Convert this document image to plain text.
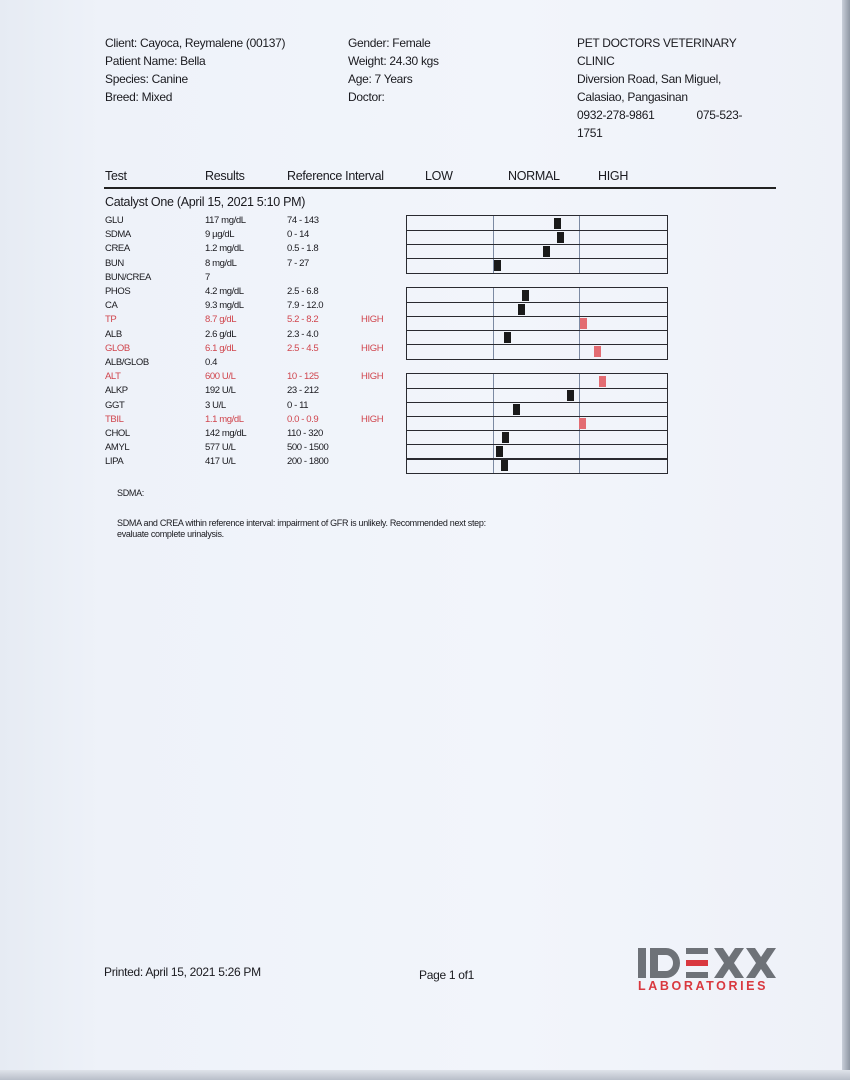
Client: Cayoca, Reymalene (00137)
Patient Name: Bella
Species: Canine
Breed: Mixed
Gender: Female
Weight: 24.30 kgs
Age: 7 Years
Doctor:
PET DOCTORS VETERINARY
CLINIC
Diversion Road, San Miguel,
Calasiao, Pangasinan
0932-278-9861	075-523-
1751
Test	Results	Reference Interval	LOW	NORMAL	HIGH
Catalyst One (April 15, 2021 5:10 PM)
GLU	117 mg/dL	74 - 143
SDMA	9 µg/dL	0 - 14
CREA	1.2 mg/dL	0.5 - 1.8
BUN	8 mg/dL	7 - 27
BUN/CREA	7
PHOS	4.2 mg/dL	2.5 - 6.8
CA	9.3 mg/dL	7.9 - 12.0
TP	8.7 g/dL	5.2 - 8.2	HIGH
ALB	2.6 g/dL	2.3 - 4.0
GLOB	6.1 g/dL	2.5 - 4.5	HIGH
ALB/GLOB	0.4
ALT	600 U/L	10 - 125	HIGH
ALKP	192 U/L	23 - 212
GGT	3 U/L	0 - 11
TBIL	1.1 mg/dL	0.0 - 0.9	HIGH
CHOL	142 mg/dL	110 - 320
AMYL	577 U/L	500 - 1500
LIPA	417 U/L	200 - 1800
SDMA:
SDMA and CREA within reference interval: impairment of GFR is unlikely. Recommended next step:
evaluate complete urinalysis.
Printed: April 15, 2021 5:26 PM	Page 1 of1
LABORATORIES
